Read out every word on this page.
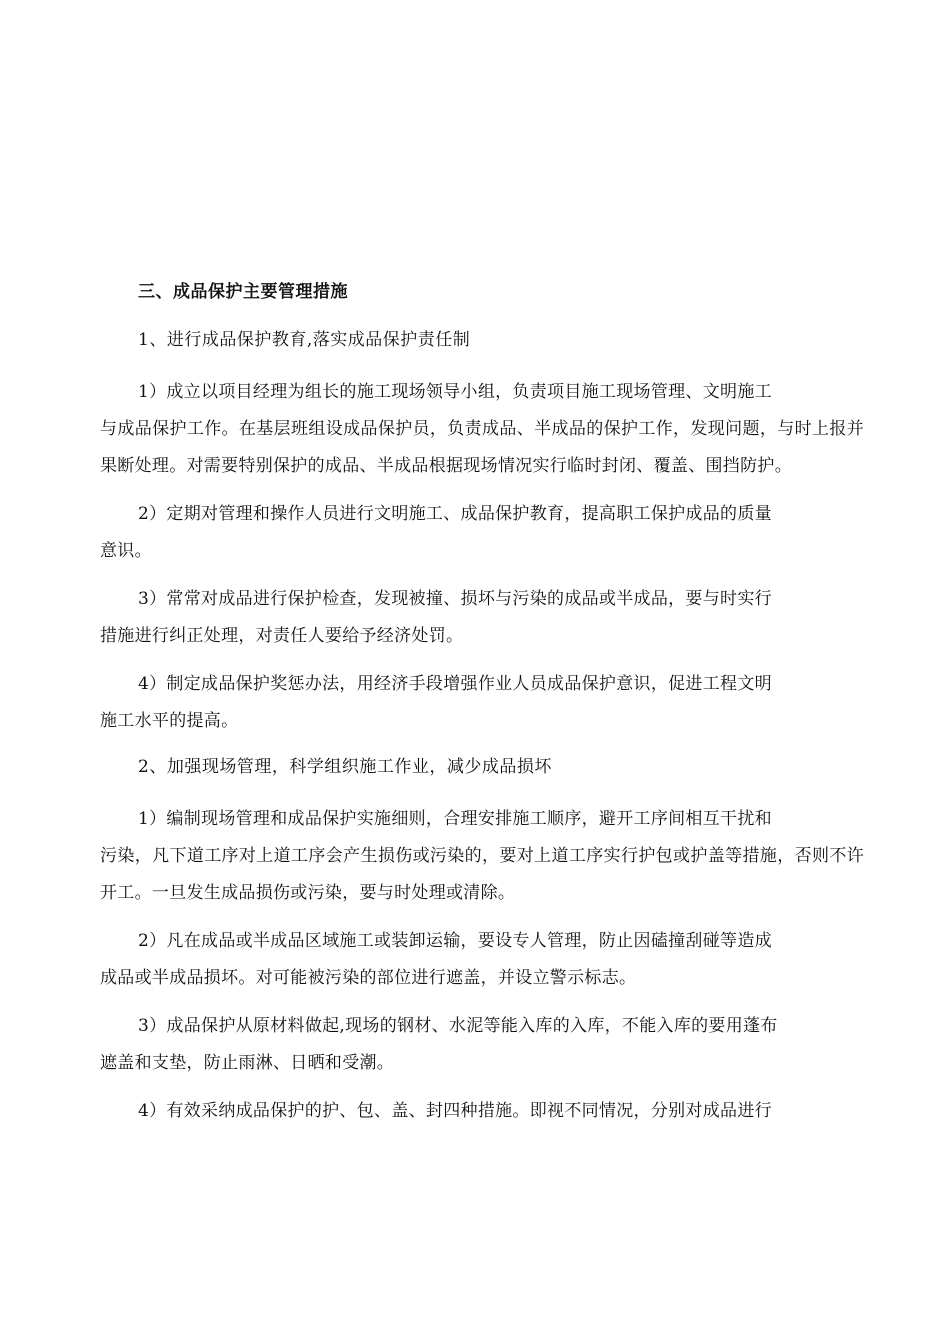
三、成品保护主要管理措施
1、进行成品保护教育,落实成品保护责任制
1）成立以项目经理为组长的施工现场领导小组，负责项目施工现场管理、文明施工
与成品保护工作。在基层班组设成品保护员，负责成品、半成品的保护工作，发现问题，与时上报并果断处理。对需要特别保护的成品、半成品根据现场情况实行临时封闭、覆盖、围挡防护。
2）定期对管理和操作人员进行文明施工、成品保护教育，提高职工保护成品的质量
意识。
3）常常对成品进行保护检查，发现被撞、损坏与污染的成品或半成品，要与时实行
措施进行纠正处理，对责任人要给予经济处罚。
4）制定成品保护奖惩办法，用经济手段增强作业人员成品保护意识，促进工程文明
施工水平的提高。
2、加强现场管理，科学组织施工作业，减少成品损坏
1）编制现场管理和成品保护实施细则，合理安排施工顺序，避开工序间相互干扰和
污染，凡下道工序对上道工序会产生损伤或污染的，要对上道工序实行护包或护盖等措施，否则不许开工。一旦发生成品损伤或污染，要与时处理或清除。
2）凡在成品或半成品区域施工或装卸运输，要设专人管理，防止因磕撞刮碰等造成
成品或半成品损坏。对可能被污染的部位进行遮盖，并设立警示标志。
3）成品保护从原材料做起,现场的钢材、水泥等能入库的入库，不能入库的要用蓬布
遮盖和支垫，防止雨淋、日晒和受潮。
4）有效采纳成品保护的护、包、盖、封四种措施。即视不同情况，分别对成品进行
